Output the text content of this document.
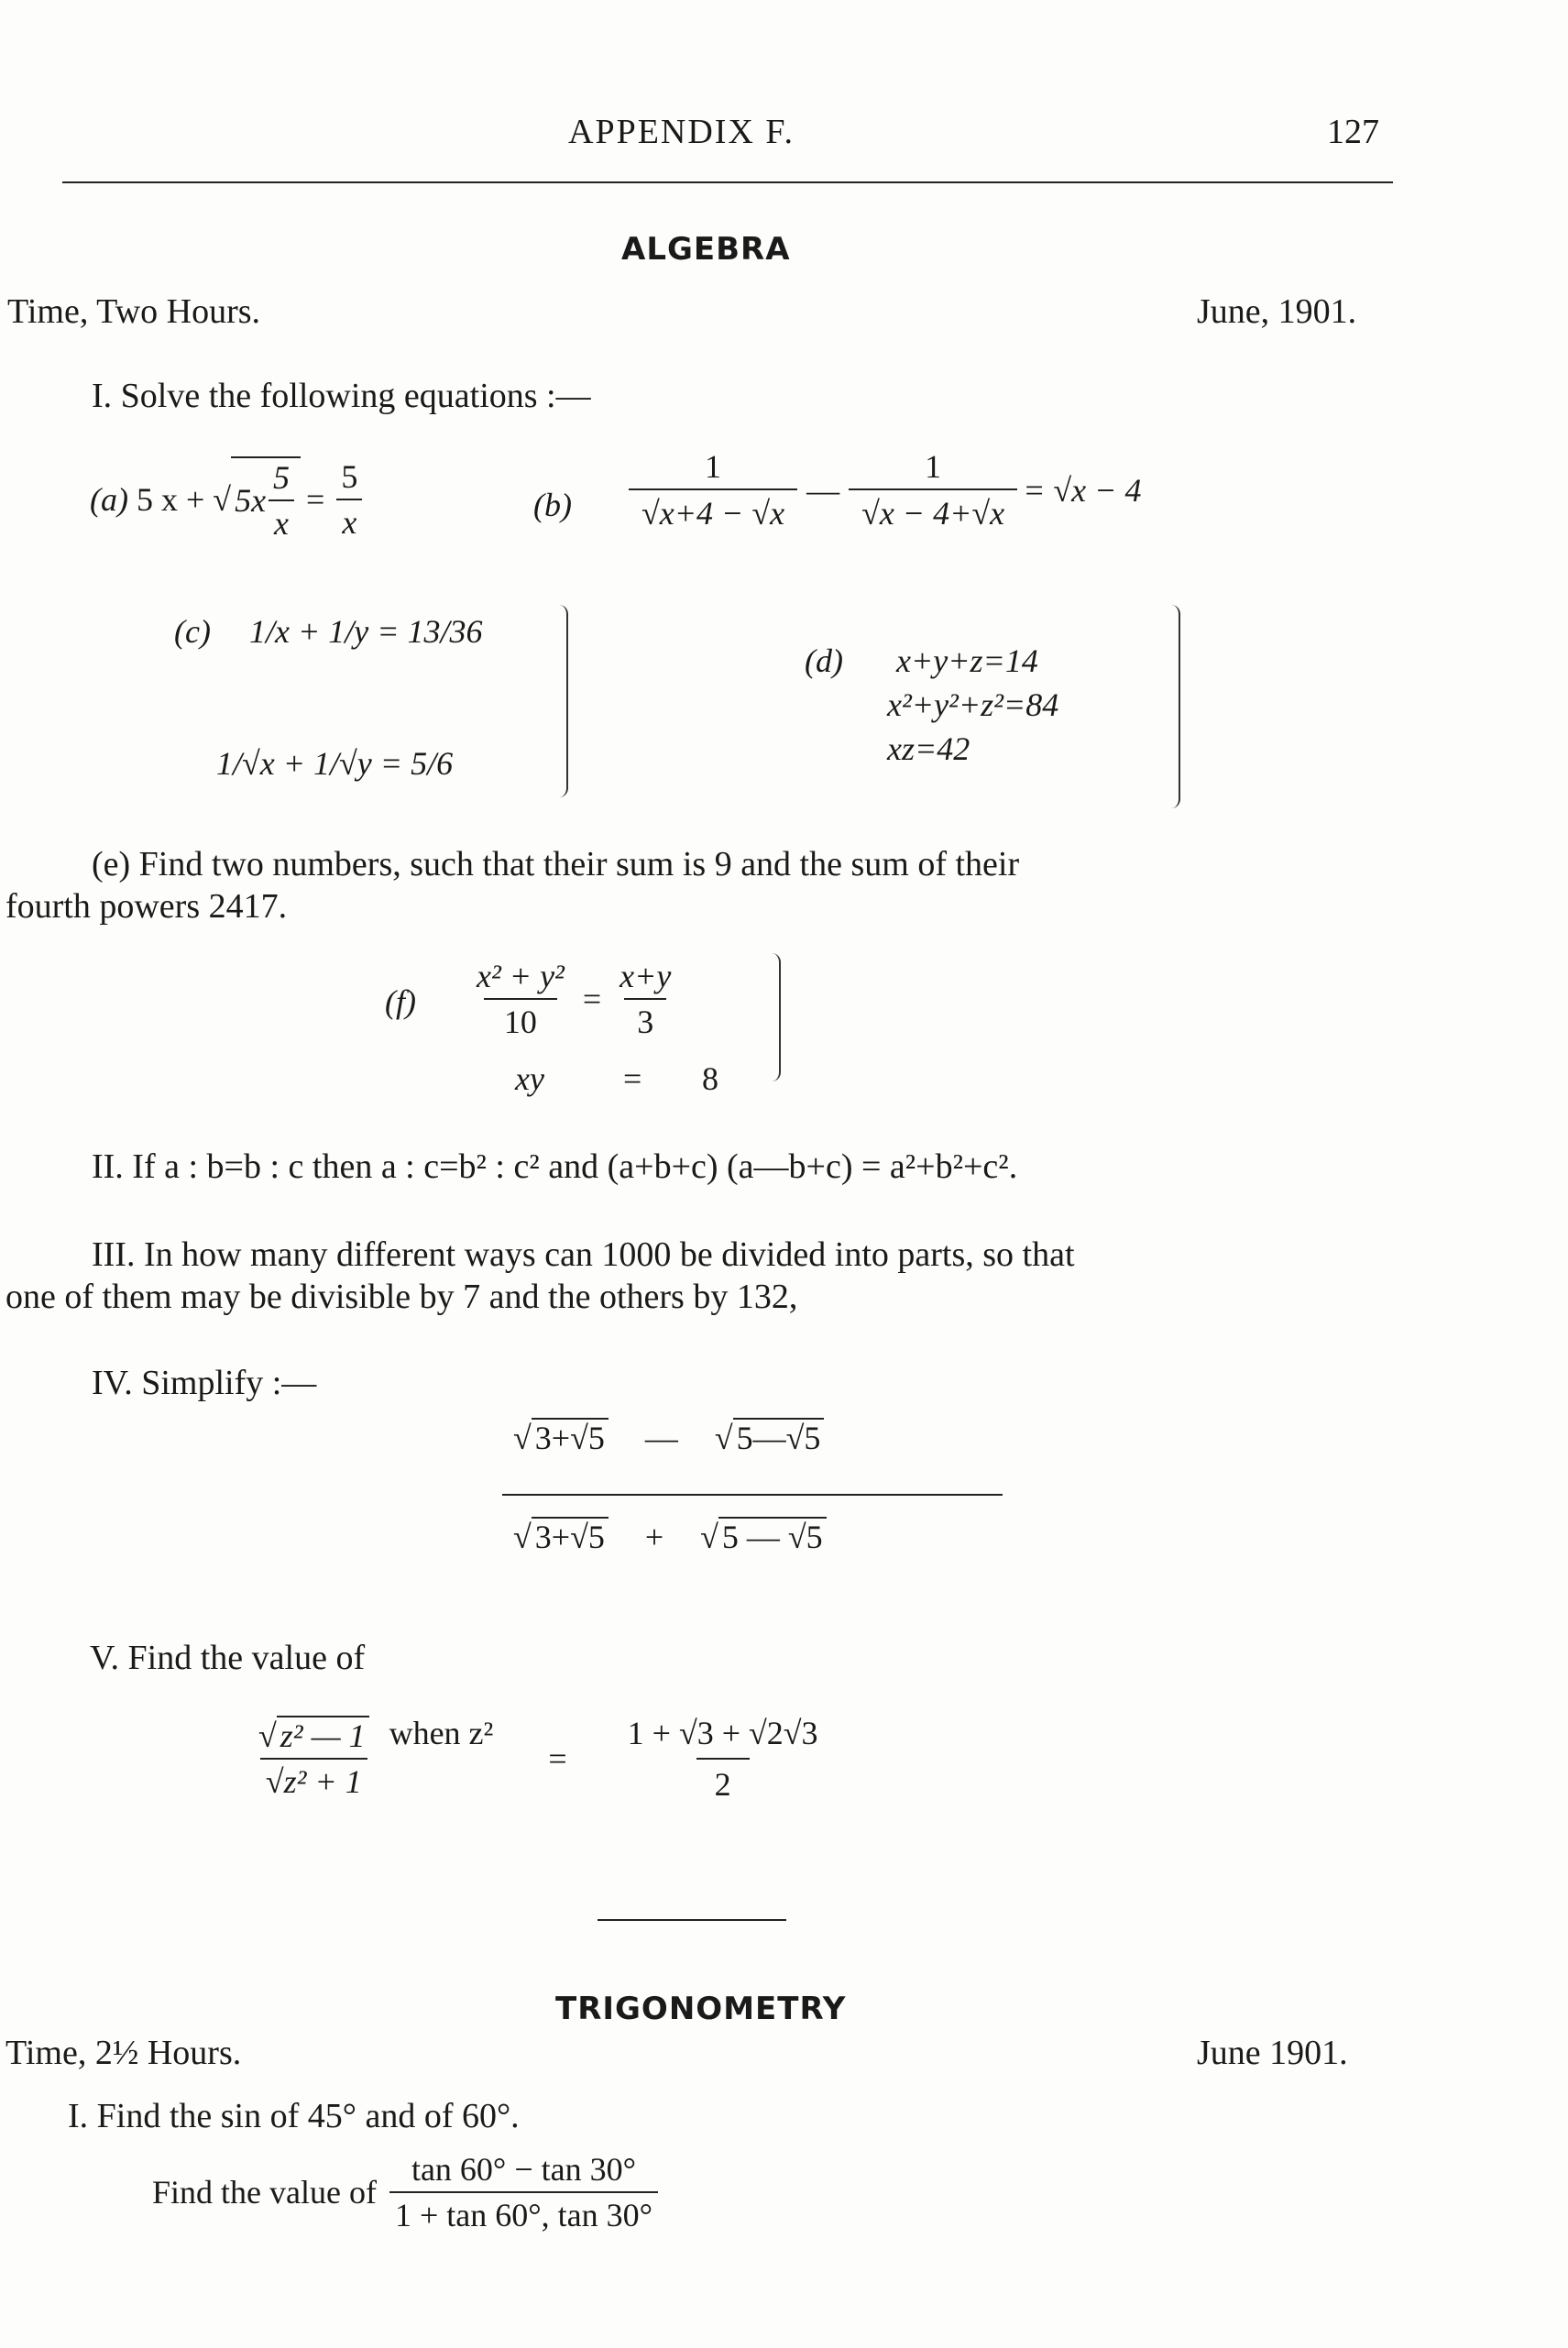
APPENDIX F.	127
ALGEBRA
Time, Two Hours.	June, 1901.
I. Solve the following equations :—
(a)
5 x +
√ $5x \frac{5}{x} = \frac{5}{x}$	$(b) \frac{1}{√x+4 - √x}$ — $\frac{1}{√x - 4+√x} = √x - 4$
(c) 1/x + 1/y = 13/36
1/√x + 1/√y = 5/6
(d) x+y+z=14
x²+y²+z²=84
xz=42
(e) Find two numbers, such that their sum is 9 and the sum of their
fourth powers 2417.
$(f) \frac{\text{x² + y²}}{10} = \frac{x+y}{3}$
xy = 8
II. If a : b=b : c then a : c=b² : c² and (a+b+c) (a—b+c) = a²+b²+c².
III. In how many different ways can 1000 be divided into parts, so that
one of them may be divisible by 7 and the others by 132,
IV. Simplify :—
√ 3+√5 — √ 5—√5
√ 3+√5 + √ 5 — √5
V. Find the value of
$\frac{\text{√ z² — 1}}{\text{√z² + 1}}$ when z²
= $\frac{1 + √3 + √2√3}{2}$
TRIGONOMETRY
Time, 2½ Hours.	June 1901.
I. Find the sin of 45° and of 60°.
Find the value of $\frac{\tan 60^\circ - \tan 30^\circ}{1 + \tan 60^\circ, \tan 30^\circ}$
